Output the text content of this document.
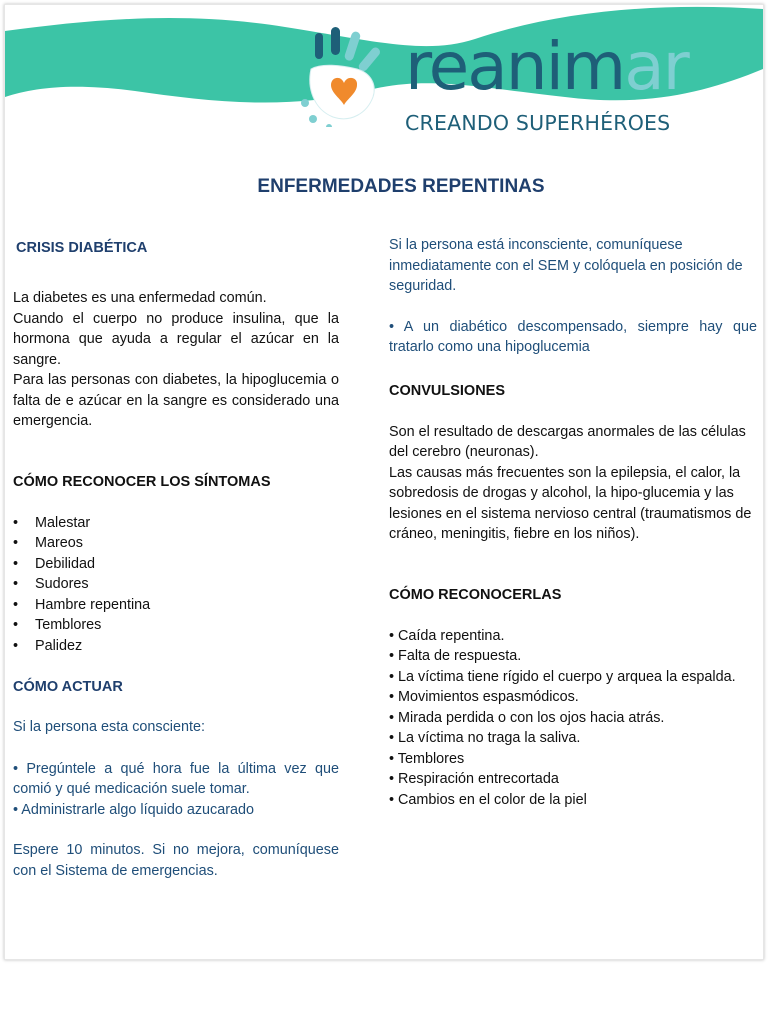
reanimar

CREANDO SUPERHÉROES

ENFERMEDADES REPENTINAS
CRISIS DIABÉTICA

La diabetes es una enfermedad común.

Cuando el cuerpo no produce insulina, que la hormona que ayuda a regular el azúcar en la sangre.

Para las personas con diabetes, la hipoglucemia o falta de e azúcar en la sangre es considerado una emergencia.

CÓMO RECONOCER LOS SÍNTOMAS
•	Malestar
•	Mareos
•	Debilidad
•	Sudores
•	Hambre repentina
•	Temblores
•	Palidez
CÓMO ACTUAR

Si la persona esta consciente:

• Pregúntele a qué hora fue la última vez que comió y qué medicación suele tomar.

• Administrarle algo líquido azucarado

Espere 10 minutos. Si no mejora, comuníquese con el Sistema de emergencias.

Si la persona está inconsciente, comuníquese inmediatamente con el SEM y colóquela en posición de seguridad.

• A un diabético descompensado, siempre hay que tratarlo como una hipoglucemia

CONVULSIONES

Son el resultado de descargas anormales de las células del cerebro (neuronas).

Las causas más frecuentes son la epilepsia, el calor, la sobredosis de drogas y alcohol, la hipo-glucemia y las lesiones en el sistema nervioso central (traumatismos de cráneo, meningitis, fiebre en los niños).

CÓMO RECONOCERLAS
• Caída repentina.
• Falta de respuesta.
• La víctima tiene rígido el cuerpo y arquea la espalda.
• Movimientos espasmódicos.
• Mirada perdida o con los ojos hacia atrás.
• La víctima no traga la saliva.
• Temblores
• Respiración entrecortada
• Cambios en el color de la piel
